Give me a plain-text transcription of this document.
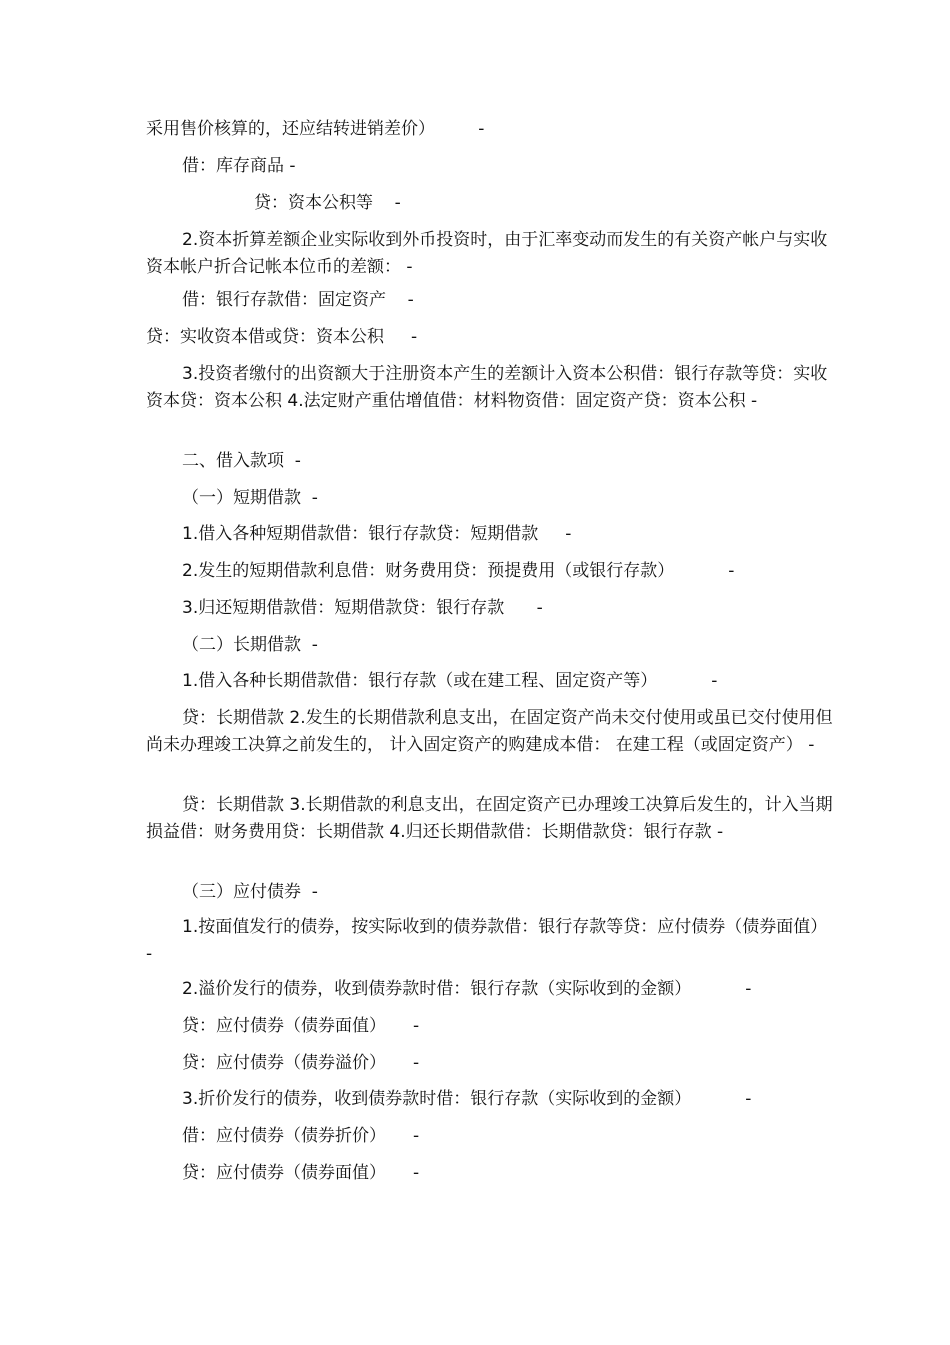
采用售价核算的，还应结转进销差价）        -

借：库存商品 -

贷：资本公积等    -

2.资本折算差额企业实际收到外币投资时，由于汇率变动而发生的有关资产帐户与实收资本帐户折合记帐本位币的差额： -

借：银行存款借：固定资产    -

贷：实收资本借或贷：资本公积     -

3.投资者缴付的出资额大于注册资本产生的差额计入资本公积借：银行存款等贷：实收资本贷：资本公积 4.法定财产重估增值借：材料物资借：固定资产贷：资本公积 -

二、借入款项  -

（一）短期借款  -

1.借入各种短期借款借：银行存款贷：短期借款     -

2.发生的短期借款利息借：财务费用贷：预提费用（或银行存款）          -

3.归还短期借款借：短期借款贷：银行存款      -

（二）长期借款  -

1.借入各种长期借款借：银行存款（或在建工程、固定资产等）          -

贷：长期借款 2.发生的长期借款利息支出，在固定资产尚未交付使用或虽已交付使用但尚未办理竣工决算之前发生的， 计入固定资产的购建成本借： 在建工程（或固定资产） -

贷：长期借款 3.长期借款的利息支出，在固定资产已办理竣工决算后发生的，计入当期损益借：财务费用贷：长期借款 4.归还长期借款借：长期借款贷：银行存款 -

（三）应付债券  -

1.按面值发行的债券，按实际收到的债券款借：银行存款等贷：应付债券（债券面值） -

2.溢价发行的债券，收到债券款时借：银行存款（实际收到的金额）          -

贷：应付债券（债券面值）     -

贷：应付债券（债券溢价）     -

3.折价发行的债券，收到债券款时借：银行存款（实际收到的金额）          -

借：应付债券（债券折价）     -

贷：应付债券（债券面值）     -
